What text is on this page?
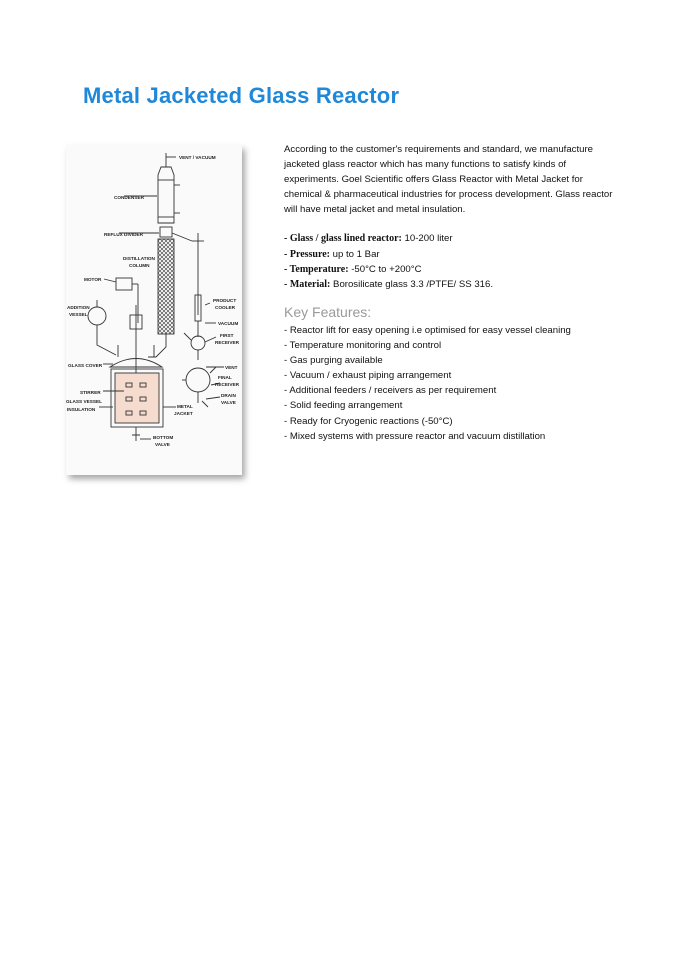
Metal Jacketed Glass Reactor
VENT / VACUUM
CONDENSER
REFLUX DIVIDER
DISTILLATION
COLUMN
MOTOR
ADDITION
VESSEL
PRODUCT
COOLER
VACUUM
FIRST
RECEIVER
GLASS COVER	VENT
FINAL
RECEIVER
STIRRER
DRAIN
VALVE
GLASS VESSEL
INSULATION
METAL
JACKET
BOTTOM
VALVE

According to the customer's requirements and standard, we manufacture jacketed glass reactor which has many functions to satisfy kinds of experiments. Goel Scientific offers Glass Reactor with Metal Jacket for chemical & pharmaceutical industries for process development. Glass reactor will have metal jacket and metal insulation.

- Glass / glass lined reactor: 10-200 liter
- Pressure: up to 1 Bar
- Temperature: -50°C to +200°C
- Material: Borosilicate glass 3.3 /PTFE/ SS 316.
Key Features:
- Reactor lift for easy opening i.e optimised for easy vessel cleaning
- Temperature monitoring and control
- Gas purging available
- Vacuum / exhaust piping arrangement
- Additional feeders / receivers as per requirement
- Solid feeding arrangement
- Ready for Cryogenic reactions (-50°C)
- Mixed systems with pressure reactor and vacuum distillation
